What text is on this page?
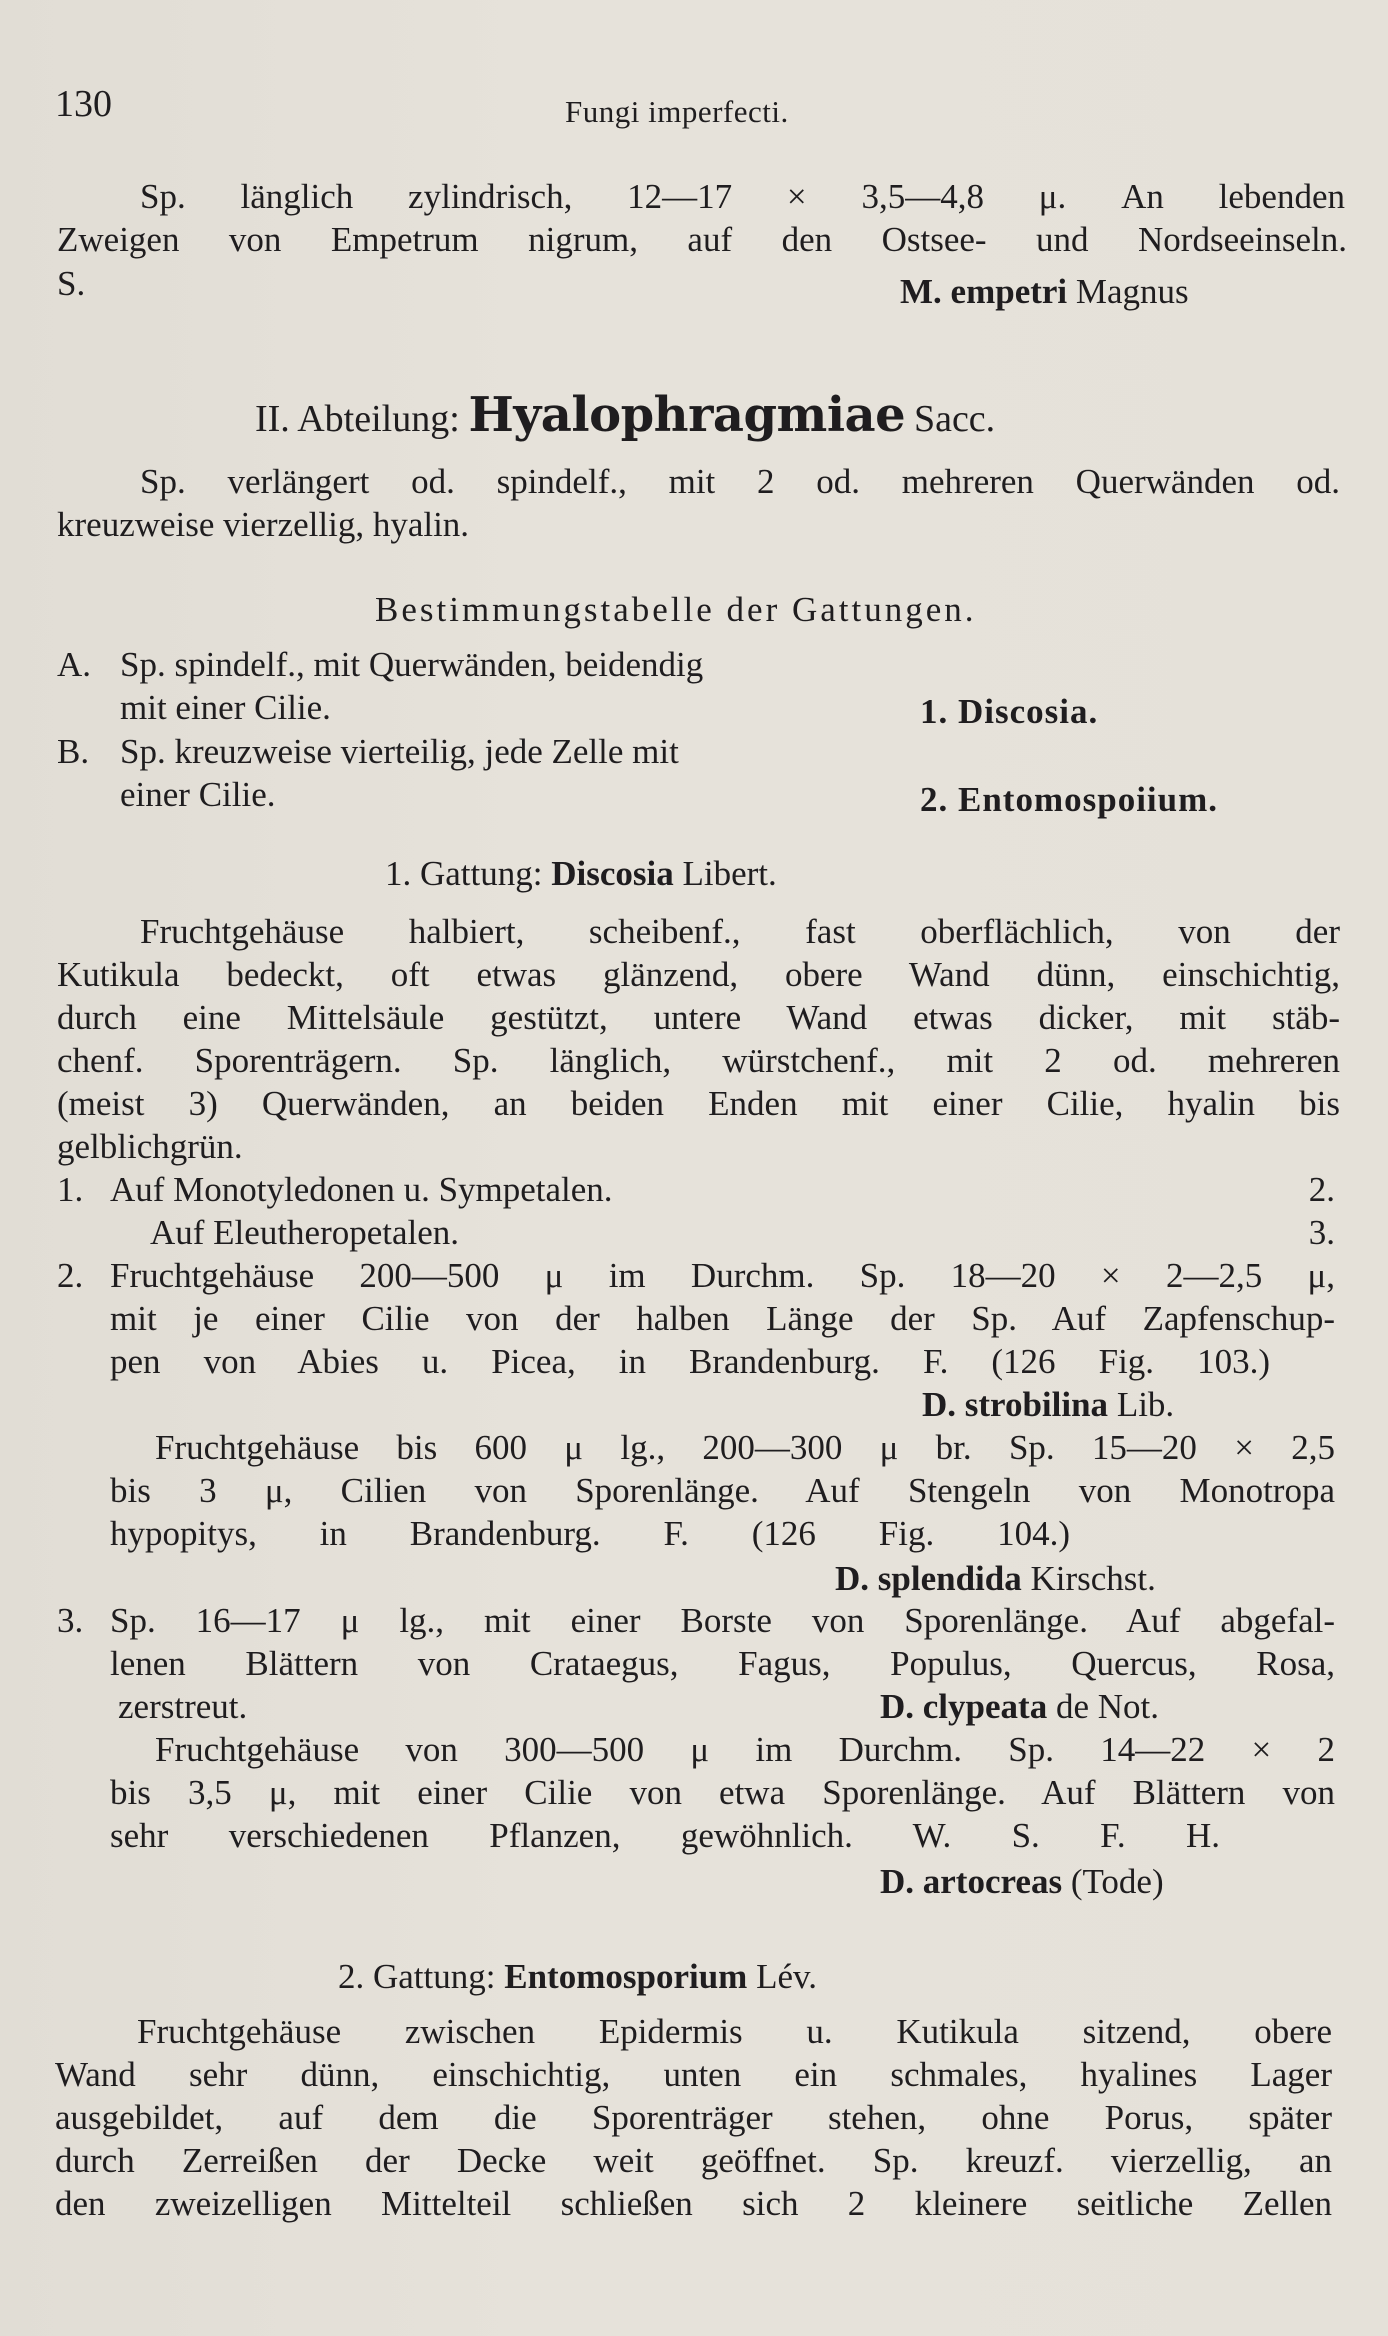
130	Fungi imperfecti.
Sp. länglich zylindrisch, 12—17 × 3,5—4,8 μ. An lebenden
Zweigen von Empetrum nigrum, auf den Ostsee- und Nordseeinseln.
S.	M. empetri Magnus
II. Abteilung: Hyalophragmiae Sacc.
Sp. verlängert od. spindelf., mit 2 od. mehreren Querwänden od.
kreuzweise vierzellig, hyalin.
Bestimmungstabelle der Gattungen.
A. Sp. spindelf., mit Querwänden, beidendig
mit einer Cilie.	1. Discosia.
B. Sp. kreuzweise vierteilig, jede Zelle mit
einer Cilie.	2. Entomospoiium.
1. Gattung: Discosia Libert.
Fruchtgehäuse halbiert, scheibenf., fast oberflächlich, von der
Kutikula bedeckt, oft etwas glänzend, obere Wand dünn, einschichtig,
durch eine Mittelsäule gestützt, untere Wand etwas dicker, mit stäb-
chenf. Sporenträgern. Sp. länglich, würstchenf., mit 2 od. mehreren
(meist 3) Querwänden, an beiden Enden mit einer Cilie, hyalin bis
gelblichgrün.
1. Auf Monotyledonen u. Sympetalen.	2.
Auf Eleutheropetalen.	3.
2. Fruchtgehäuse 200—500 μ im Durchm. Sp. 18—20 × 2—2,5 μ,
mit je einer Cilie von der halben Länge der Sp. Auf Zapfenschup-
pen von Abies u. Picea, in Brandenburg. F. (126 Fig. 103.)
D. strobilina Lib.
Fruchtgehäuse bis 600 μ lg., 200—300 μ br. Sp. 15—20 × 2,5
bis 3 μ, Cilien von Sporenlänge. Auf Stengeln von Monotropa
hypopitys, in Brandenburg. F. (126 Fig. 104.)
D. splendida Kirschst.
3. Sp. 16—17 μ lg., mit einer Borste von Sporenlänge. Auf abgefal-
lenen Blättern von Crataegus, Fagus, Populus, Quercus, Rosa,
zerstreut.	D. clypeata de Not.
Fruchtgehäuse von 300—500 μ im Durchm. Sp. 14—22 × 2
bis 3,5 μ, mit einer Cilie von etwa Sporenlänge. Auf Blättern von
sehr verschiedenen Pflanzen, gewöhnlich. W. S. F. H.
D. artocreas (Tode)
2. Gattung: Entomosporium Lév.
Fruchtgehäuse zwischen Epidermis u. Kutikula sitzend, obere
Wand sehr dünn, einschichtig, unten ein schmales, hyalines Lager
ausgebildet, auf dem die Sporenträger stehen, ohne Porus, später
durch Zerreißen der Decke weit geöffnet. Sp. kreuzf. vierzellig, an
den zweizelligen Mittelteil schließen sich 2 kleinere seitliche Zellen
